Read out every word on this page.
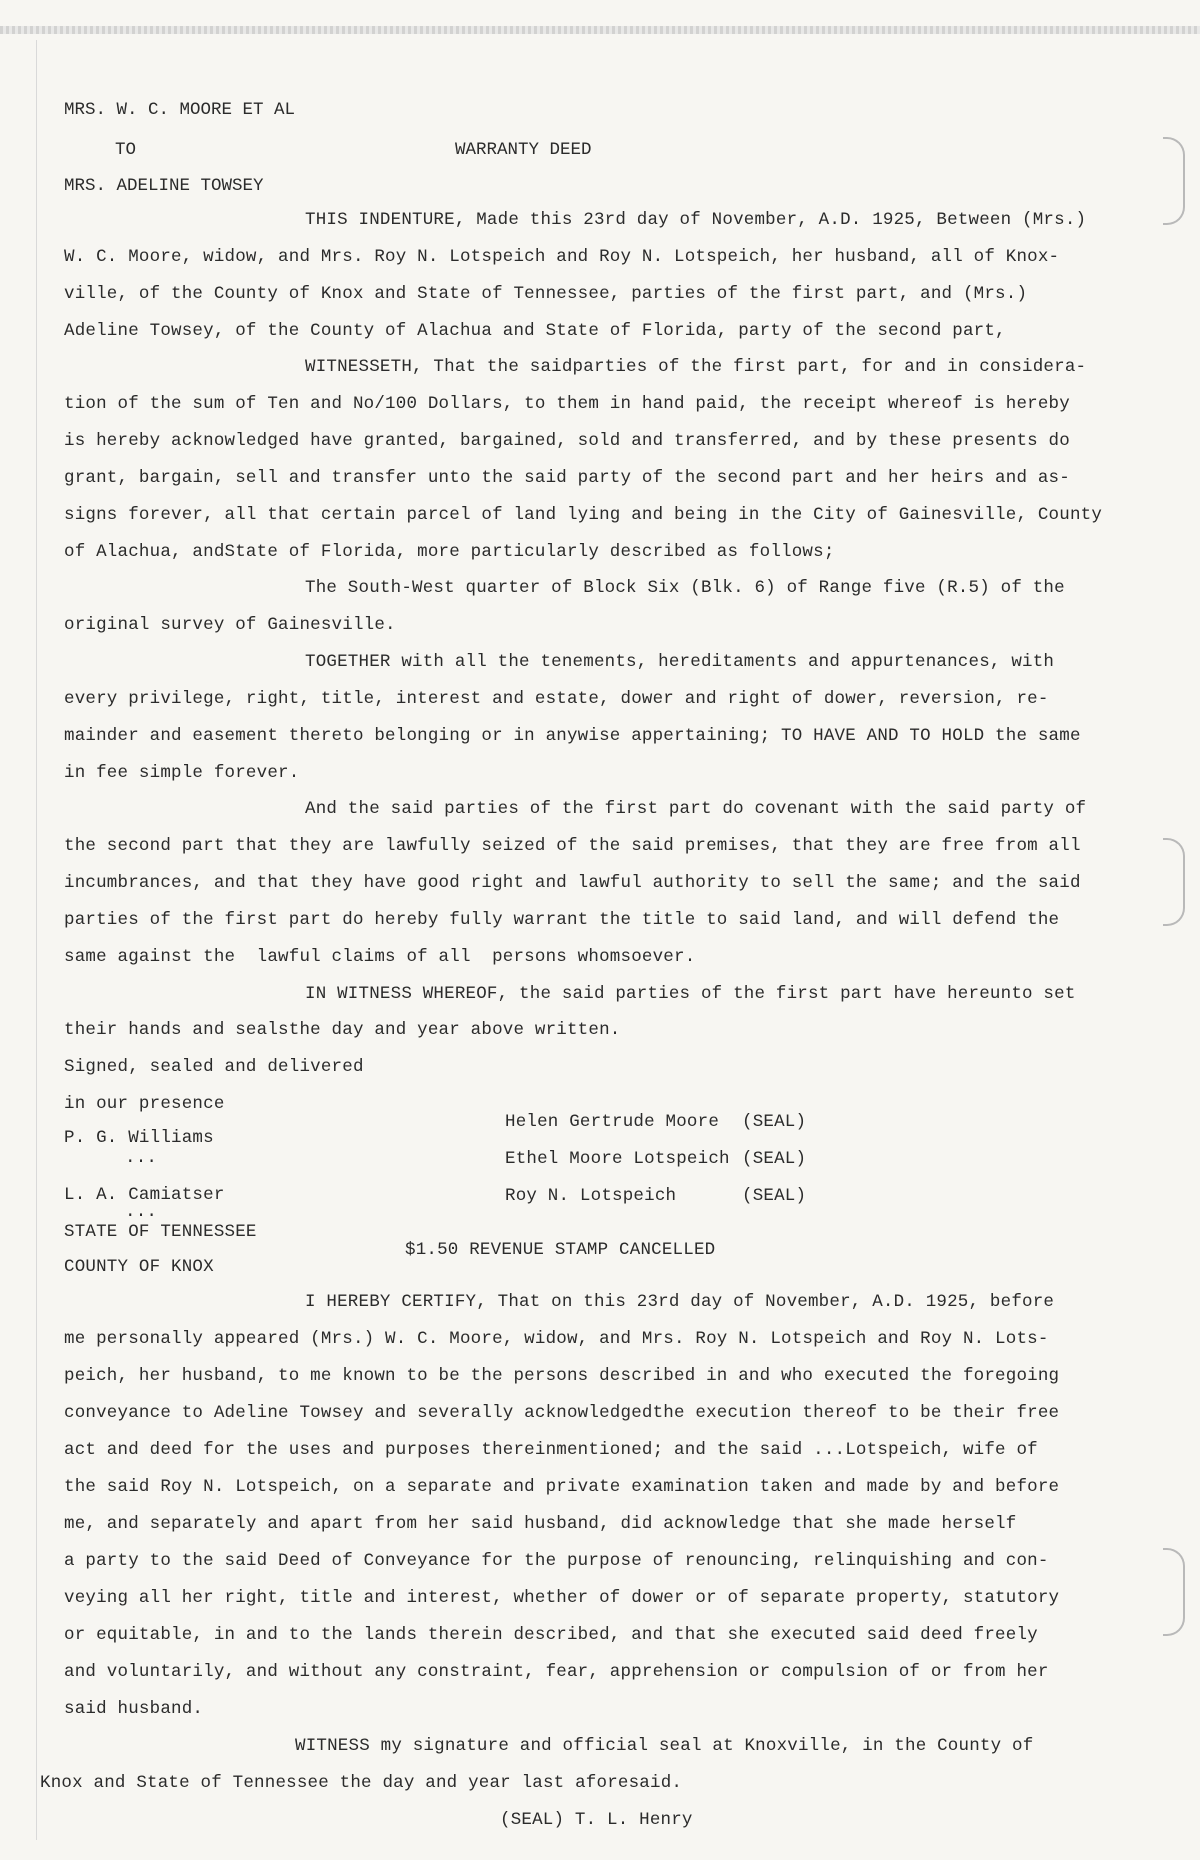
MRS. W. C. MOORE ET AL
TO	WARRANTY DEED
MRS. ADELINE TOWSEY
THIS INDENTURE, Made this 23rd day of November, A.D. 1925, Between (Mrs.)
W. C. Moore, widow, and Mrs. Roy N. Lotspeich and Roy N. Lotspeich, her husband, all of Knox-
ville, of the County of Knox and State of Tennessee, parties of the first part, and (Mrs.)
Adeline Towsey, of the County of Alachua and State of Florida, party of the second part,
WITNESSETH, That the saidparties of the first part, for and in considera-
tion of the sum of Ten and No/100 Dollars, to them in hand paid, the receipt whereof is hereby
is hereby acknowledged have granted, bargained, sold and transferred, and by these presents do
grant, bargain, sell and transfer unto the said party of the second part and her heirs and as-
signs forever, all that certain parcel of land lying and being in the City of Gainesville, County
of Alachua, andState of Florida, more particularly described as follows;
The South-West quarter of Block Six (Blk. 6) of Range five (R.5) of the
original survey of Gainesville.
TOGETHER with all the tenements, hereditaments and appurtenances, with
every privilege, right, title, interest and estate, dower and right of dower, reversion, re-
mainder and easement thereto belonging or in anywise appertaining; TO HAVE AND TO HOLD the same
in fee simple forever.
And the said parties of the first part do covenant with the said party of
the second part that they are lawfully seized of the said premises, that they are free from all
incumbrances, and that they have good right and lawful authority to sell the same; and the said
parties of the first part do hereby fully warrant the title to said land, and will defend the
same against the  lawful claims of all  persons whomsoever.
IN WITNESS WHEREOF, the said parties of the first part have hereunto set
their hands and sealsthe day and year above written.
Signed, sealed and delivered
in our presence
P. G. Williams
...
L. A. Camiatser
...
Helen Gertrude Moore (SEAL)
Ethel Moore Lotspeich (SEAL)
Roy N. Lotspeich	(SEAL)
STATE OF TENNESSEE
COUNTY OF KNOX
$1.50 REVENUE STAMP CANCELLED
I HEREBY CERTIFY, That on this 23rd day of November, A.D. 1925, before
me personally appeared (Mrs.) W. C. Moore, widow, and Mrs. Roy N. Lotspeich and Roy N. Lots-
peich, her husband, to me known to be the persons described in and who executed the foregoing
conveyance to Adeline Towsey and severally acknowledgedthe execution thereof to be their free
act and deed for the uses and purposes thereinmentioned; and the said ...Lotspeich, wife of
the said Roy N. Lotspeich, on a separate and private examination taken and made by and before
me, and separately and apart from her said husband, did acknowledge that she made herself
a party to the said Deed of Conveyance for the purpose of renouncing, relinquishing and con-
veying all her right, title and interest, whether of dower or of separate property, statutory
or equitable, in and to the lands therein described, and that she executed said deed freely
and voluntarily, and without any constraint, fear, apprehension or compulsion of or from her
said husband.
WITNESS my signature and official seal at Knoxville, in the County of
Knox and State of Tennessee the day and year last aforesaid.
(SEAL) T. L. Henry
